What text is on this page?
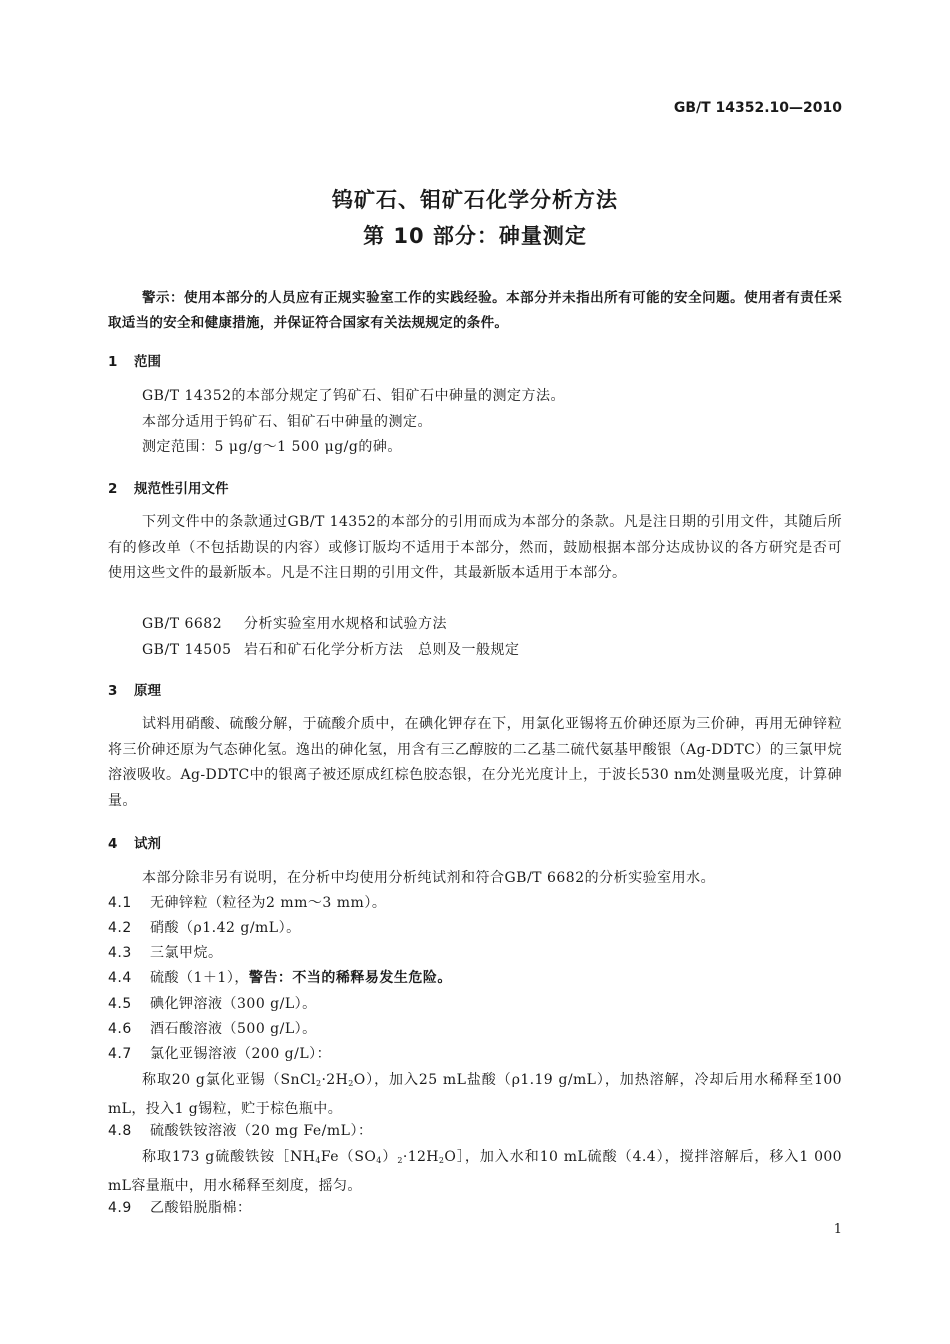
GB/T 14352.10—2010
钨矿石、钼矿石化学分析方法
第 10 部分：砷量测定
警示：使用本部分的人员应有正规实验室工作的实践经验。本部分并未指出所有可能的安全问题。使用者有责任采取适当的安全和健康措施，并保证符合国家有关法规规定的条件。
1 范围
GB/T 14352的本部分规定了钨矿石、钼矿石中砷量的测定方法。
本部分适用于钨矿石、钼矿石中砷量的测定。
测定范围：5 μg/g～1 500 μg/g的砷。
2 规范性引用文件
下列文件中的条款通过GB/T 14352的本部分的引用而成为本部分的条款。凡是注日期的引用文件，其随后所有的修改单（不包括勘误的内容）或修订版均不适用于本部分，然而，鼓励根据本部分达成协议的各方研究是否可使用这些文件的最新版本。凡是不注日期的引用文件，其最新版本适用于本部分。
GB/T 6682 分析实验室用水规格和试验方法
GB/T 14505 岩石和矿石化学分析方法　总则及一般规定
3 原理
试料用硝酸、硫酸分解，于硫酸介质中，在碘化钾存在下，用氯化亚锡将五价砷还原为三价砷，再用无砷锌粒将三价砷还原为气态砷化氢。逸出的砷化氢，用含有三乙醇胺的二乙基二硫代氨基甲酸银（Ag-DDTC）的三氯甲烷溶液吸收。Ag-DDTC中的银离子被还原成红棕色胶态银，在分光光度计上，于波长530 nm处测量吸光度，计算砷量。
4 试剂
本部分除非另有说明，在分析中均使用分析纯试剂和符合GB/T 6682的分析实验室用水。
4.1 无砷锌粒（粒径为2 mm～3 mm）。
4.2 硝酸（ρ1.42 g/mL）。
4.3 三氯甲烷。
4.4 硫酸（1＋1），警告：不当的稀释易发生危险。
4.5 碘化钾溶液（300 g/L）。
4.6 酒石酸溶液（500 g/L）。
4.7 氯化亚锡溶液（200 g/L）：
称取20 g氯化亚锡$(SnCl_2\cdot 2H_2O)$，加入25 mL盐酸（ρ1.19 g/mL），加热溶解，冷却后用水稀释至100 mL，投入1 g锡粒，贮于棕色瓶中。
4.8 硫酸铁铵溶液（20 mg Fe/mL）：
称取173 g硫酸铁铵$[NH_4Fe(SO_4)_2\cdot 12H_2O]$，加入水和10 mL硫酸（4.4），搅拌溶解后，移入1 000 mL容量瓶中，用水稀释至刻度，摇匀。
4.9 乙酸铅脱脂棉：
1
